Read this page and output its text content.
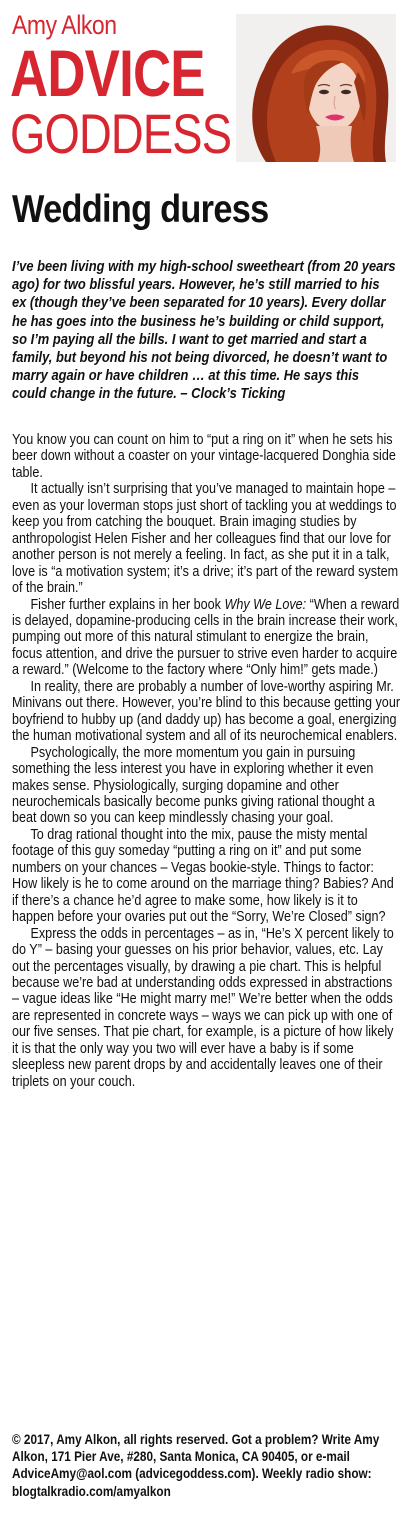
Amy Alkon
ADVICE
GODDESS
Wedding duress
I’ve been living with my high-school sweetheart (from 20 years ago) for two blissful years. However, he’s still married to his ex (though they’ve been separated for 10 years). Every dollar he has goes into the business he’s building or child support, so I’m paying all the bills. I want to get married and start a family, but beyond his not being divorced, he doesn’t want to marry again or have children … at this time. He says this could change in the future. – Clock’s Ticking

You know you can count on him to “put a ring on it” when he sets his beer down without a coaster on your vintage-lacquered Donghia side table.

It actually isn’t surprising that you’ve managed to maintain hope – even as your loverman stops just short of tackling you at weddings to keep you from catching the bouquet. Brain imaging studies by anthropologist Helen Fisher and her colleagues find that our love for another person is not merely a feeling. In fact, as she put it in a talk, love is “a motivation system; it’s a drive; it’s part of the reward system of the brain.”

Fisher further explains in her book Why We Love: “When a reward is delayed, dopamine-producing cells in the brain increase their work, pumping out more of this natural stimulant to energize the brain, focus attention, and drive the pursuer to strive even harder to acquire a reward.” (Welcome to the factory where “Only him!” gets made.)

In reality, there are probably a number of love-worthy aspiring Mr. Minivans out there. However, you’re blind to this because getting your boyfriend to hubby up (and daddy up) has become a goal, energizing the human motivational system and all of its neurochemical enablers.

Psychologically, the more momentum you gain in pursuing something the less interest you have in exploring whether it even makes sense. Physiologically, surging dopamine and other neurochemicals basically become punks giving rational thought a beat down so you can keep mindlessly chasing your goal.

To drag rational thought into the mix, pause the misty mental footage of this guy someday “putting a ring on it” and put some numbers on your chances – Vegas bookie-style. Things to factor: How likely is he to come around on the marriage thing? Babies? And if there’s a chance he’d agree to make some, how likely is it to happen before your ovaries put out the “Sorry, We’re Closed” sign?

Express the odds in percentages – as in, “He’s X percent likely to do Y” – basing your guesses on his prior behavior, values, etc. Lay out the percentages visually, by drawing a pie chart. This is helpful because we’re bad at understanding odds expressed in abstractions – vague ideas like “He might marry me!” We’re better when the odds are represented in concrete ways – ways we can pick up with one of our five senses. That pie chart, for example, is a picture of how likely it is that the only way you two will ever have a baby is if some sleepless new parent drops by and accidentally leaves one of their triplets on your couch.

© 2017, Amy Alkon, all rights reserved. Got a problem? Write Amy Alkon, 171 Pier Ave, #280, Santa Monica, CA 90405, or e-mail AdviceAmy@aol.com (advicegoddess.com). Weekly radio show: blogtalkradio.com/amyalkon
